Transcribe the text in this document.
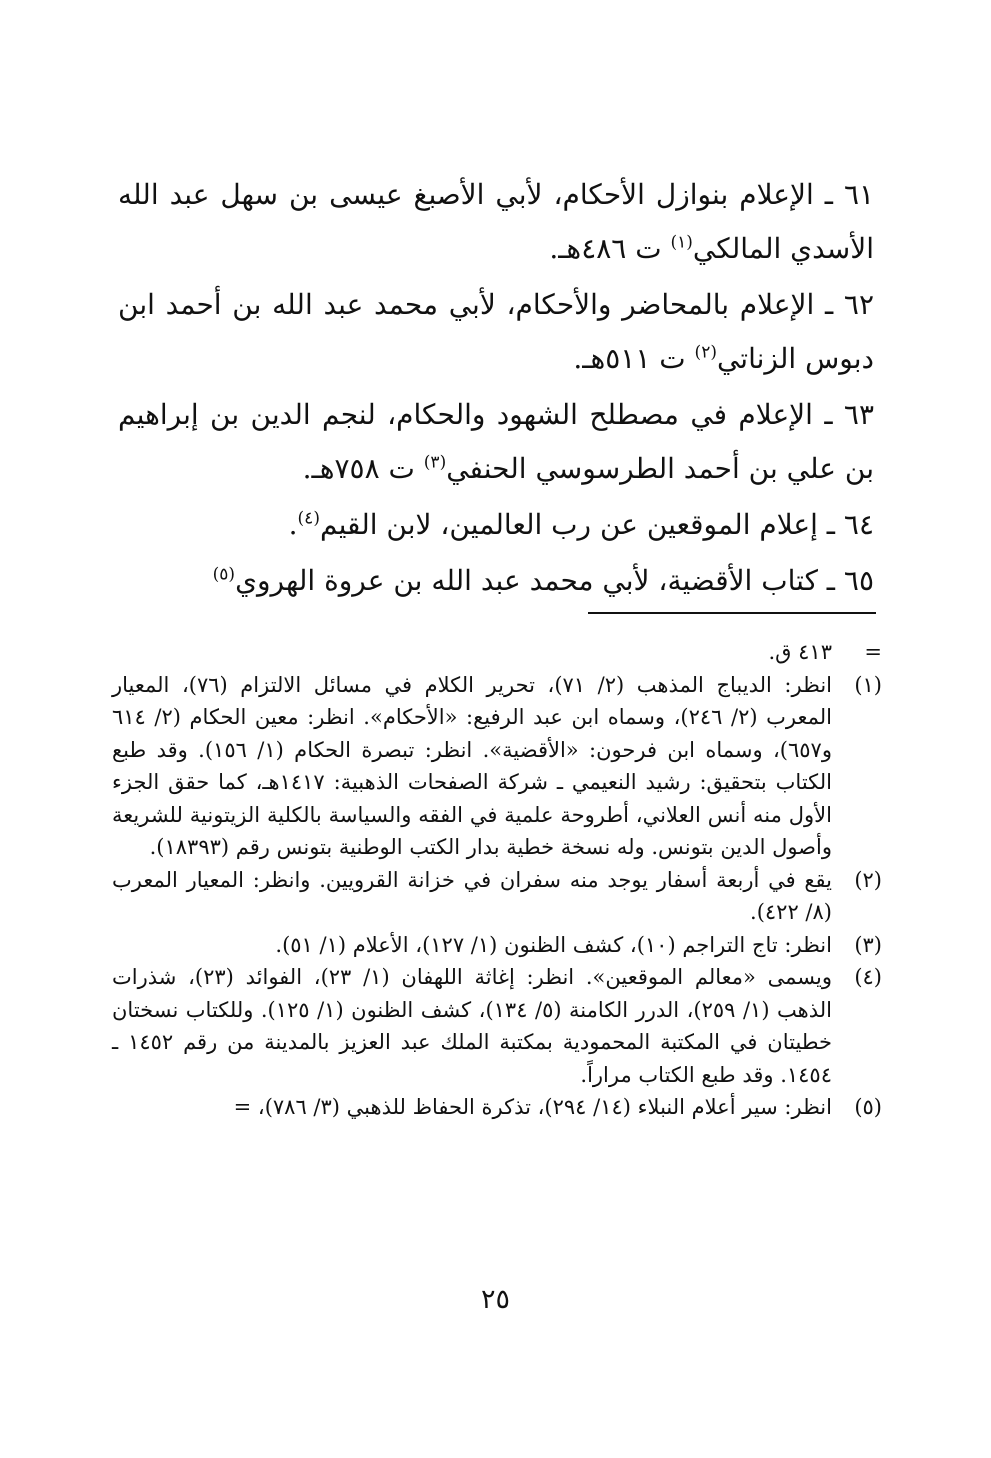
٦١ ـ الإعلام بنوازل الأحكام، لأبي الأصبغ عيسى بن سهل عبد الله الأسدي المالكي$^{(١)}$ ت ٤٨٦هـ.

٦٢ ـ الإعلام بالمحاضر والأحكام، لأبي محمد عبد الله بن أحمد ابن دبوس الزناتي$^{(٢)}$ ت ٥١١هـ.

٦٣ ـ الإعلام في مصطلح الشهود والحكام، لنجم الدين بن إبراهيم بن علي بن أحمد الطرسوسي الحنفي$^{(٣)}$ ت ٧٥٨هـ.

٦٤ ـ إعلام الموقعين عن رب العالمين، لابن القيم$^{(٤)}$.

٦٥ ـ كتاب الأقضية، لأبي محمد عبد الله بن عروة الهروي$^{(٥)}$

=
٤١٣ ق.
(١)
انظر: الديباج المذهب (٢/ ٧١)، تحرير الكلام في مسائل الالتزام (٧٦)، المعيار المعرب (٢/ ٢٤٦)، وسماه ابن عبد الرفيع: «الأحكام». انظر: معين الحكام (٢/ ٦١٤ و٦٥٧)، وسماه ابن فرحون: «الأقضية». انظر: تبصرة الحكام (١/ ١٥٦). وقد طبع الكتاب بتحقيق: رشيد النعيمي ـ شركة الصفحات الذهبية: ١٤١٧هـ، كما حقق الجزء الأول منه أنس العلاني، أطروحة علمية في الفقه والسياسة بالكلية الزيتونية للشريعة وأصول الدين بتونس. وله نسخة خطية بدار الكتب الوطنية بتونس رقم (١٨٣٩٣).
(٢)
يقع في أربعة أسفار يوجد منه سفران في خزانة القرويين. وانظر: المعيار المعرب (٨/ ٤٢٢).
(٣)
انظر: تاج التراجم (١٠)، كشف الظنون (١/ ١٢٧)، الأعلام (١/ ٥١).
(٤)
ويسمى «معالم الموقعين». انظر: إغاثة اللهفان (١/ ٢٣)، الفوائد (٢٣)، شذرات الذهب (١/ ٢٥٩)، الدرر الكامنة (٥/ ١٣٤)، كشف الظنون (١/ ١٢٥). وللكتاب نسختان خطيتان في المكتبة المحمودية بمكتبة الملك عبد العزيز بالمدينة من رقم ١٤٥٢ ـ ١٤٥٤. وقد طبع الكتاب مراراً.
(٥)
انظر: سير أعلام النبلاء (١٤/ ٢٩٤)، تذكرة الحفاظ للذهبي (٣/ ٧٨٦)، =
٢٥
